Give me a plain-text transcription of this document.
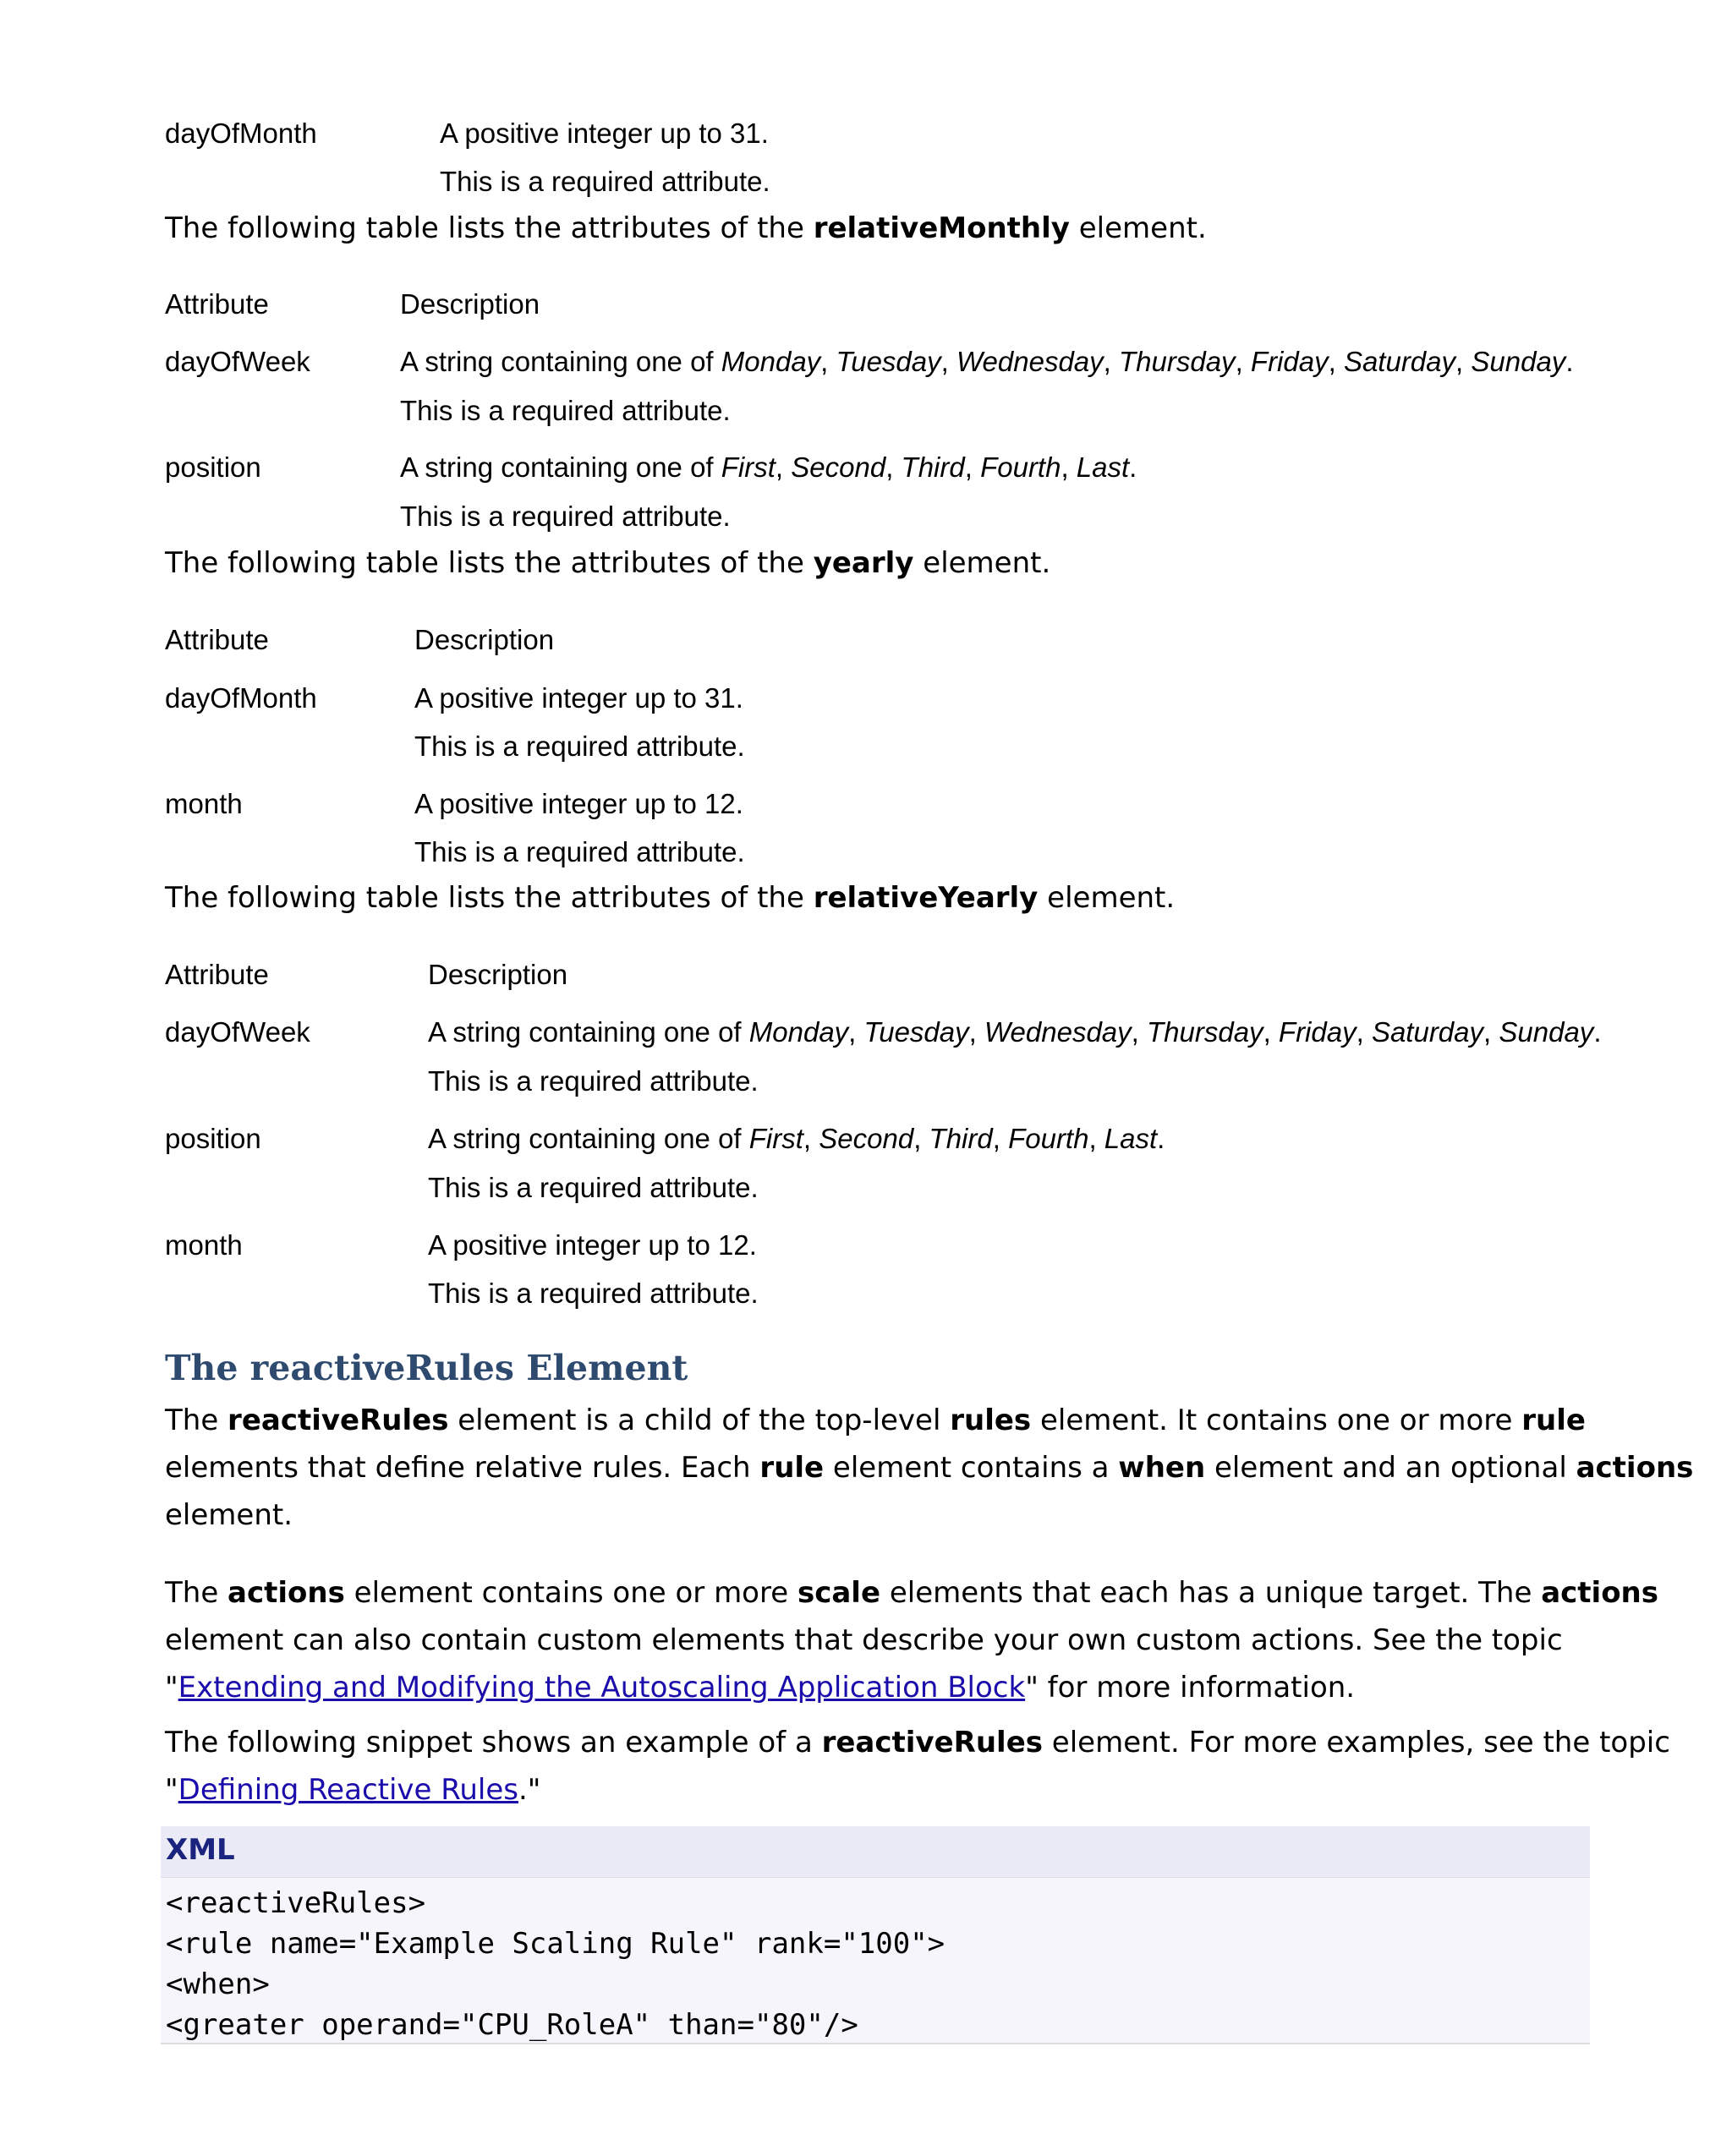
dayOfMonth	A positive integer up to 31.
This is a required attribute.
The following table lists the attributes of the relativeMonthly element.
Attribute	Description
dayOfWeek	A string containing one of Monday, Tuesday, Wednesday, Thursday, Friday, Saturday, Sunday.
This is a required attribute.
position	A string containing one of First, Second, Third, Fourth, Last.
This is a required attribute.
The following table lists the attributes of the yearly element.
Attribute	Description
dayOfMonth	A positive integer up to 31.
This is a required attribute.
month	A positive integer up to 12.
This is a required attribute.
The following table lists the attributes of the relativeYearly element.
Attribute	Description
dayOfWeek	A string containing one of Monday, Tuesday, Wednesday, Thursday, Friday, Saturday, Sunday.
This is a required attribute.
position	A string containing one of First, Second, Third, Fourth, Last.
This is a required attribute.
month	A positive integer up to 12.
This is a required attribute.
The reactiveRules Element
The reactiveRules element is a child of the top-level rules element. It contains one or more rule
elements that define relative rules. Each rule element contains a when element and an optional actions
element.
The actions element contains one or more scale elements that each has a unique target. The actions
element can also contain custom elements that describe your own custom actions. See the topic
"Extending and Modifying the Autoscaling Application Block" for more information.
The following snippet shows an example of a reactiveRules element. For more examples, see the topic
"Defining Reactive Rules."
XML
<reactiveRules>
<rule name="Example Scaling Rule" rank="100">
<when>
<greater operand="CPU_RoleA" than="80"/>
